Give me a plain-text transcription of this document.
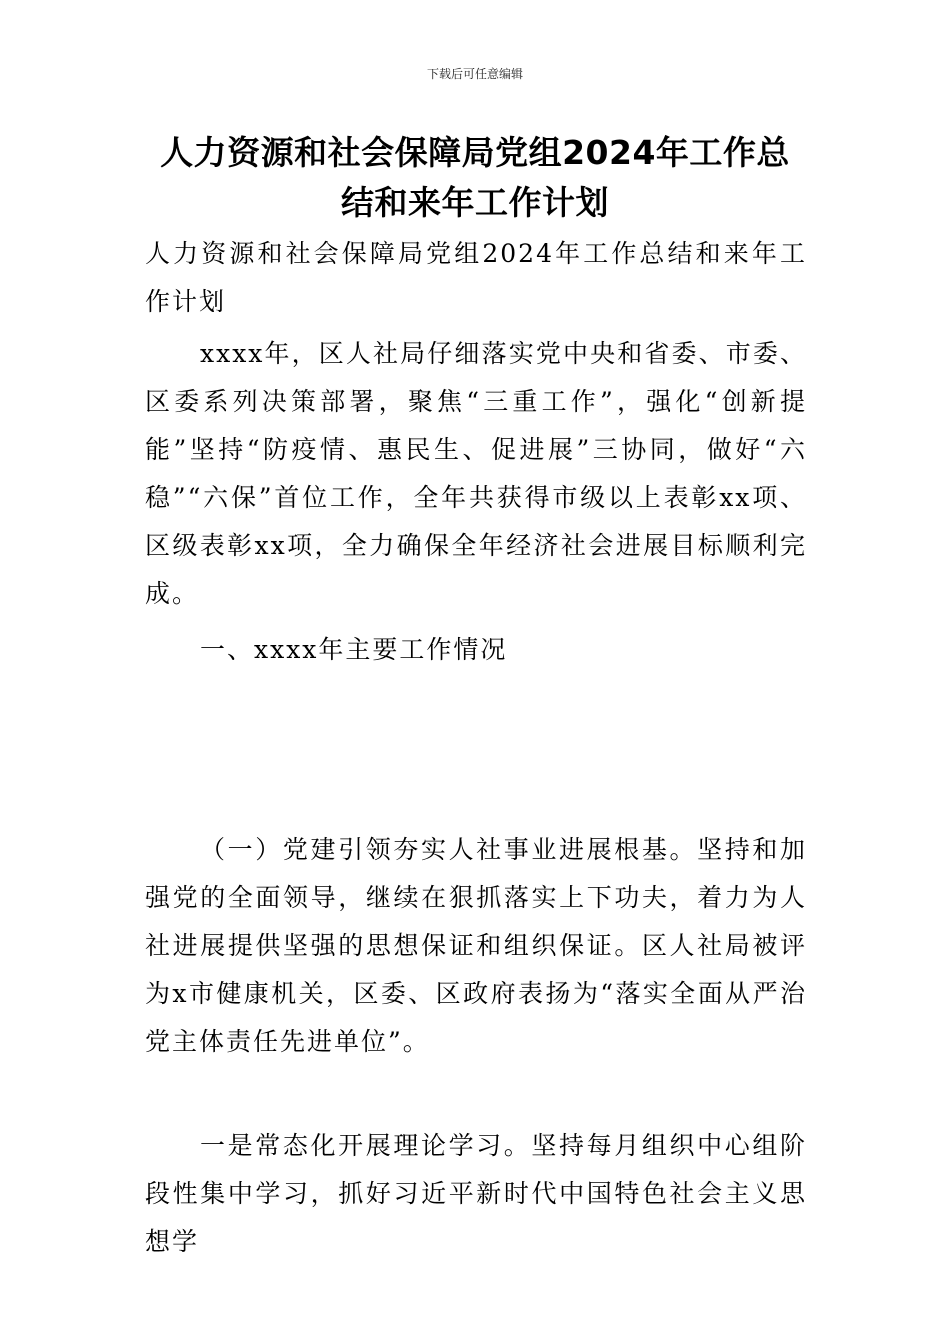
下载后可任意编辑
人力资源和社会保障局党组2024年工作总结和来年工作计划
人力资源和社会保障局党组2024年工作总结和来年工作计划
xxxx年，区人社局仔细落实党中央和省委、市委、区委系列决策部署，聚焦“三重工作”，强化“创新提能”坚持“防疫情、惠民生、促进展”三协同，做好“六稳”“六保”首位工作，全年共获得市级以上表彰xx项、区级表彰xx项，全力确保全年经济社会进展目标顺利完成。
一、xxxx年主要工作情况
（一）党建引领夯实人社事业进展根基。坚持和加强党的全面领导，继续在狠抓落实上下功夫，着力为人社进展提供坚强的思想保证和组织保证。区人社局被评为x市健康机关，区委、区政府表扬为“落实全面从严治党主体责任先进单位”。
一是常态化开展理论学习。坚持每月组织中心组阶段性集中学习，抓好习近平新时代中国特色社会主义思想学
